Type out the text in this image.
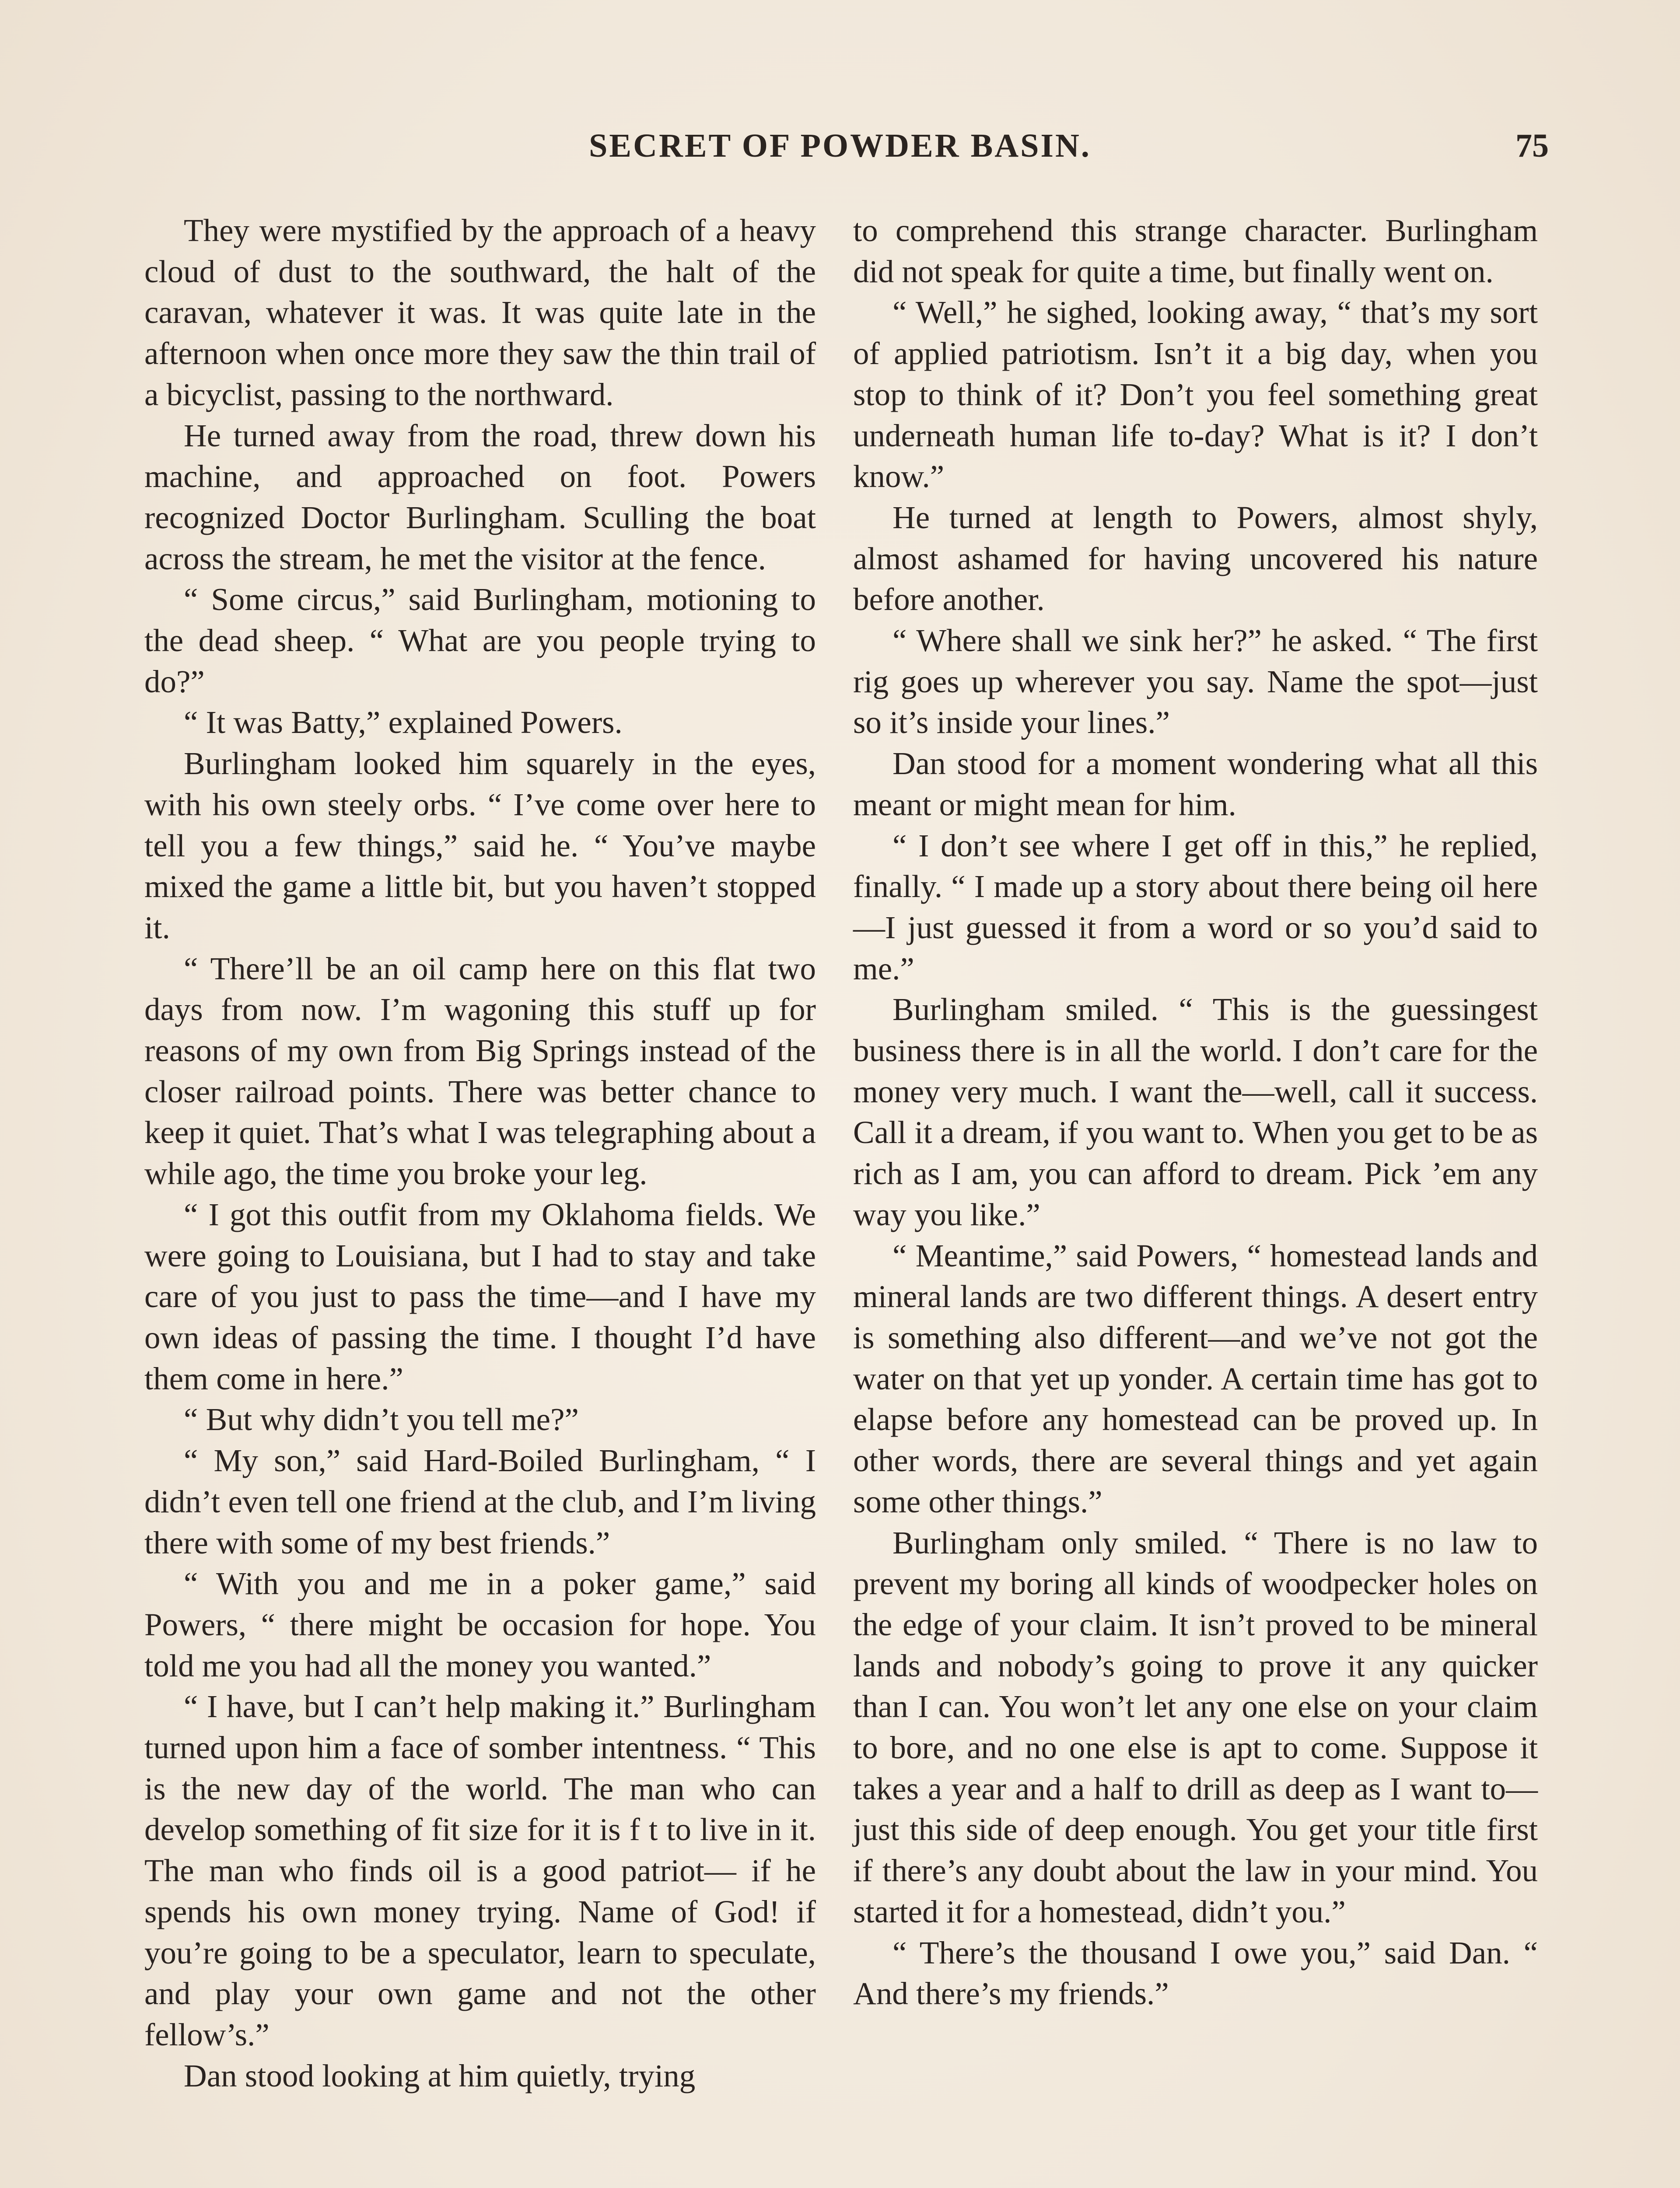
SECRET OF POWDER BASIN.	75

They were mystified by the approach of a heavy cloud of dust to the southward, the halt of the caravan, whatever it was. It was quite late in the afternoon when once more they saw the thin trail of a bicyclist, passing to the northward.

He turned away from the road, threw down his machine, and approached on foot. Powers recognized Doctor Burlingham. Sculling the boat across the stream, he met the visitor at the fence.

“ Some circus,” said Burlingham, motioning to the dead sheep. “ What are you people trying to do?”

“ It was Batty,” explained Powers.

Burlingham looked him squarely in the eyes, with his own steely orbs. “ I’ve come over here to tell you a few things,” said he. “ You’ve maybe mixed the game a little bit, but you haven’t stopped it.

“ There’ll be an oil camp here on this flat two days from now. I’m wagoning this stuff up for reasons of my own from Big Springs instead of the closer railroad points. There was better chance to keep it quiet. That’s what I was telegraphing about a while ago, the time you broke your leg.

“ I got this outfit from my Oklahoma fields. We were going to Louisiana, but I had to stay and take care of you just to pass the time—and I have my own ideas of passing the time. I thought I’d have them come in here.”

“ But why didn’t you tell me?”

“ My son,” said Hard-Boiled Burlingham, “ I didn’t even tell one friend at the club, and I’m living there with some of my best friends.”

“ With you and me in a poker game,” said Powers, “ there might be occasion for hope. You told me you had all the money you wanted.”

“ I have, but I can’t help making it.” Burlingham turned upon him a face of somber intentness. “ This is the new day of the world. The man who can develop something of fit size for it is f t to live in it. The man who finds oil is a good patriot— if he spends his own money trying. Name of God! if you’re going to be a speculator, learn to speculate, and play your own game and not the other fellow’s.”

Dan stood looking at him quietly, trying

to comprehend this strange character. Burlingham did not speak for quite a time, but finally went on.

“ Well,” he sighed, looking away, “ that’s my sort of applied patriotism. Isn’t it a big day, when you stop to think of it? Don’t you feel something great underneath human life to-day? What is it? I don’t know.”

He turned at length to Powers, almost shyly, almost ashamed for having uncovered his nature before another.

“ Where shall we sink her?” he asked. “ The first rig goes up wherever you say. Name the spot—just so it’s inside your lines.”

Dan stood for a moment wondering what all this meant or might mean for him.

“ I don’t see where I get off in this,” he replied, finally. “ I made up a story about there being oil here—I just guessed it from a word or so you’d said to me.”

Burlingham smiled. “ This is the guessingest business there is in all the world. I don’t care for the money very much. I want the—well, call it success. Call it a dream, if you want to. When you get to be as rich as I am, you can afford to dream. Pick ’em any way you like.”

“ Meantime,” said Powers, “ homestead lands and mineral lands are two different things. A desert entry is something also different—and we’ve not got the water on that yet up yonder. A certain time has got to elapse before any homestead can be proved up. In other words, there are several things and yet again some other things.”

Burlingham only smiled. “ There is no law to prevent my boring all kinds of woodpecker holes on the edge of your claim. It isn’t proved to be mineral lands and nobody’s going to prove it any quicker than I can. You won’t let any one else on your claim to bore, and no one else is apt to come. Suppose it takes a year and a half to drill as deep as I want to—just this side of deep enough. You get your title first if there’s any doubt about the law in your mind. You started it for a homestead, didn’t you.”

“ There’s the thousand I owe you,” said Dan. “ And there’s my friends.”
